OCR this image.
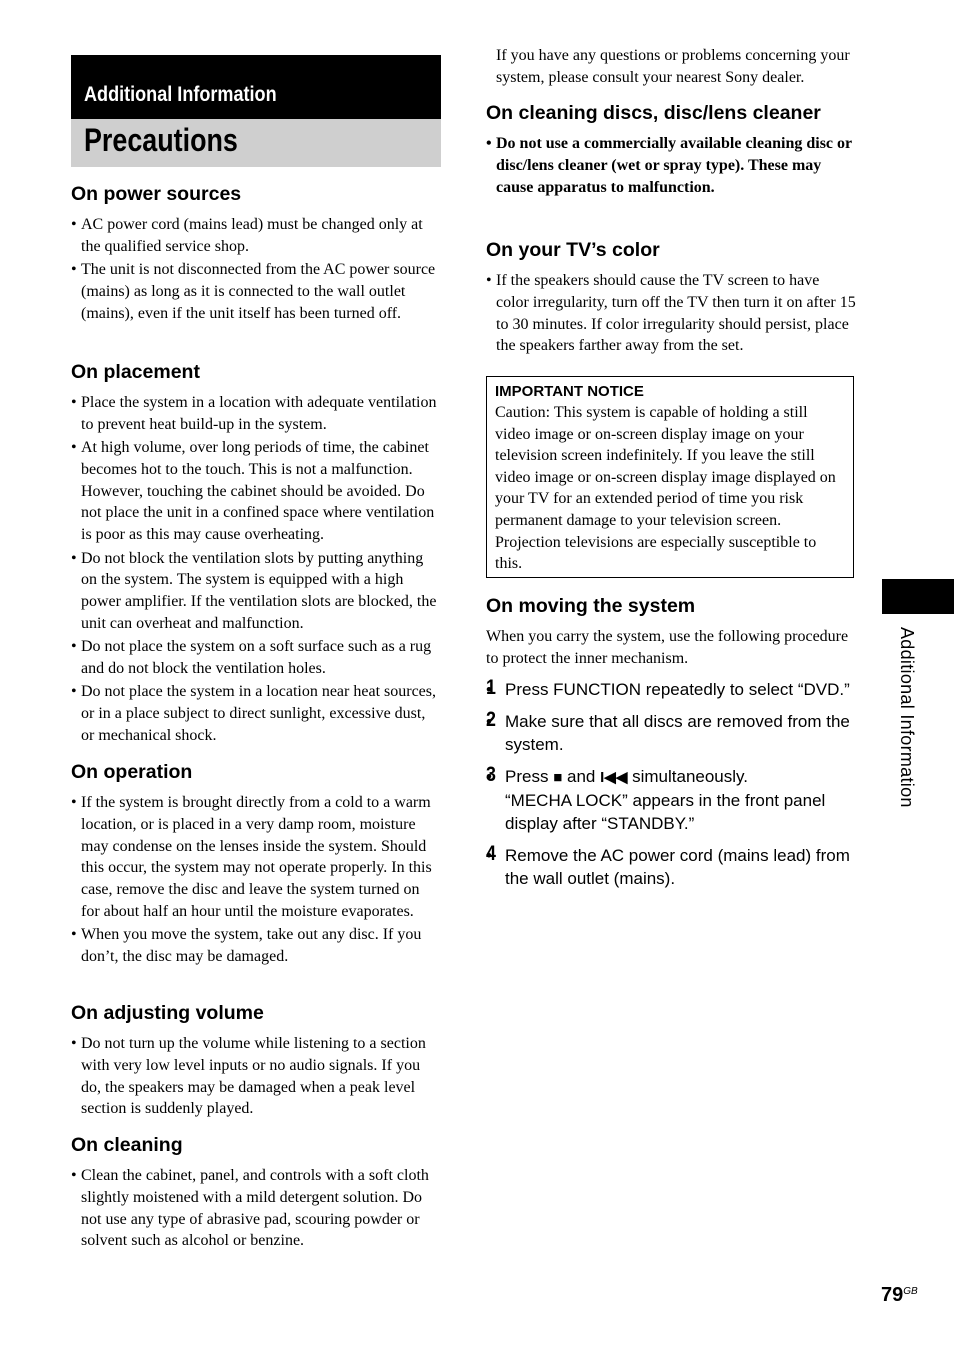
Additional Information
Precautions
On power sources
• AC power cord (mains lead) must be changed only at the qualified service shop.
• The unit is not disconnected from the AC power source (mains) as long as it is connected to the wall outlet (mains), even if the unit itself has been turned off.
On placement
• Place the system in a location with adequate ventilation to prevent heat build-up in the system.
• At high volume, over long periods of time, the cabinet becomes hot to the touch. This is not a malfunction. However, touching the cabinet should be avoided. Do not place the unit in a confined space where ventilation is poor as this may cause overheating.
• Do not block the ventilation slots by putting anything on the system. The system is equipped with a high power amplifier. If the ventilation slots are blocked, the unit can overheat and malfunction.
• Do not place the system on a soft surface such as a rug and do not block the ventilation holes.
• Do not place the system in a location near heat sources, or in a place subject to direct sunlight, excessive dust, or mechanical shock.
On operation
• If the system is brought directly from a cold to a warm location, or is placed in a very damp room, moisture may condense on the lenses inside the system. Should this occur, the system may not operate properly. In this case, remove the disc and leave the system turned on for about half an hour until the moisture evaporates.
• When you move the system, take out any disc. If you don’t, the disc may be damaged.
On adjusting volume
• Do not turn up the volume while listening to a section with very low level inputs or no audio signals. If you do, the speakers may be damaged when a peak level section is suddenly played.
On cleaning
• Clean the cabinet, panel, and controls with a soft cloth slightly moistened with a mild detergent solution. Do not use any type of abrasive pad, scouring powder or solvent such as alcohol or benzine.

If you have any questions or problems concerning your system, please consult your nearest Sony dealer.

On cleaning discs, disc/lens cleaner
• Do not use a commercially available cleaning disc or disc/lens cleaner (wet or spray type). These may cause apparatus to malfunction.
On your TV’s color
• If the speakers should cause the TV screen to have color irregularity, turn off the TV then turn it on after 15 to 30 minutes. If color irregularity should persist, place the speakers farther away from the set.
IMPORTANT NOTICE

Caution: This system is capable of holding a still video image or on-screen display image on your television screen indefinitely. If you leave the still video image or on-screen display image displayed on your TV for an extended period of time you risk permanent damage to your television screen. Projection televisions are especially susceptible to this.

On moving the system

When you carry the system, use the following procedure to protect the inner mechanism.

• 1 Press FUNCTION repeatedly to select “DVD.”
• 2 Make sure that all discs are removed from the system.
• 3 Press ■ and I◀◀ simultaneously.
“MECHA LOCK” appears in the front panel display after “STANDBY.”
• 4 Remove the AC power cord (mains lead) from the wall outlet (mains).
Additional Information
$79^{GB}$
